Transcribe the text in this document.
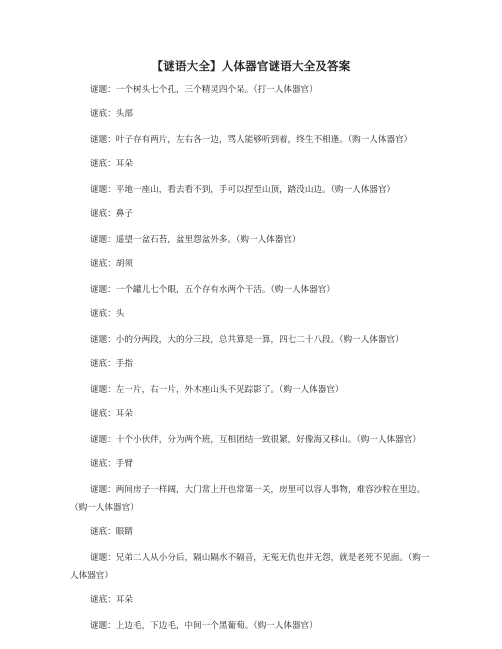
【谜语大全】人体器官谜语大全及答案

谜题：一个树头七个孔，三个精灵四个呆。（打一人体器官）

谜底：头部

谜题：叶子存有两片，左右各一边，骂人能够听到着，终生不相逢。（购一人体器官）

谜底：耳朵

谜题：平地一座山，看去看不到，手可以捏至山顶，踏没山边。（购一人体器官）

谜底：鼻子

谜题：遥望一盆石苔，盆里怨盆外多。（购一人体器官）

谜底：胡须

谜题：一个罐儿七个眼，五个存有水两个干活。（购一人体器官）

谜底：头

谜题：小的分两段，大的分三段，总共算是一算，四七二十八段。（购一人体器官）

谜底：手指

谜题：左一片，右一片，外木座山头不见踪影了。（购一人体器官）

谜底：耳朵

谜题：十个小伙伴，分为两个班，互相团结一致很紧，好像海又移山。（购一人体器官）

谜底：手臂

谜题：两间房子一样阔，大门常上开也常第一关，房里可以容人事物，难容沙粒在里边。（购一人体器官）

谜底：眼睛

谜题：兄弟二人从小分后，隔山隔水不隔音，无冤无仇也并无怨，就是老死不见面。（购一人体器官）

谜底：耳朵

谜题：上边毛，下边毛，中间一个黑葡萄。（购一人体器官）
